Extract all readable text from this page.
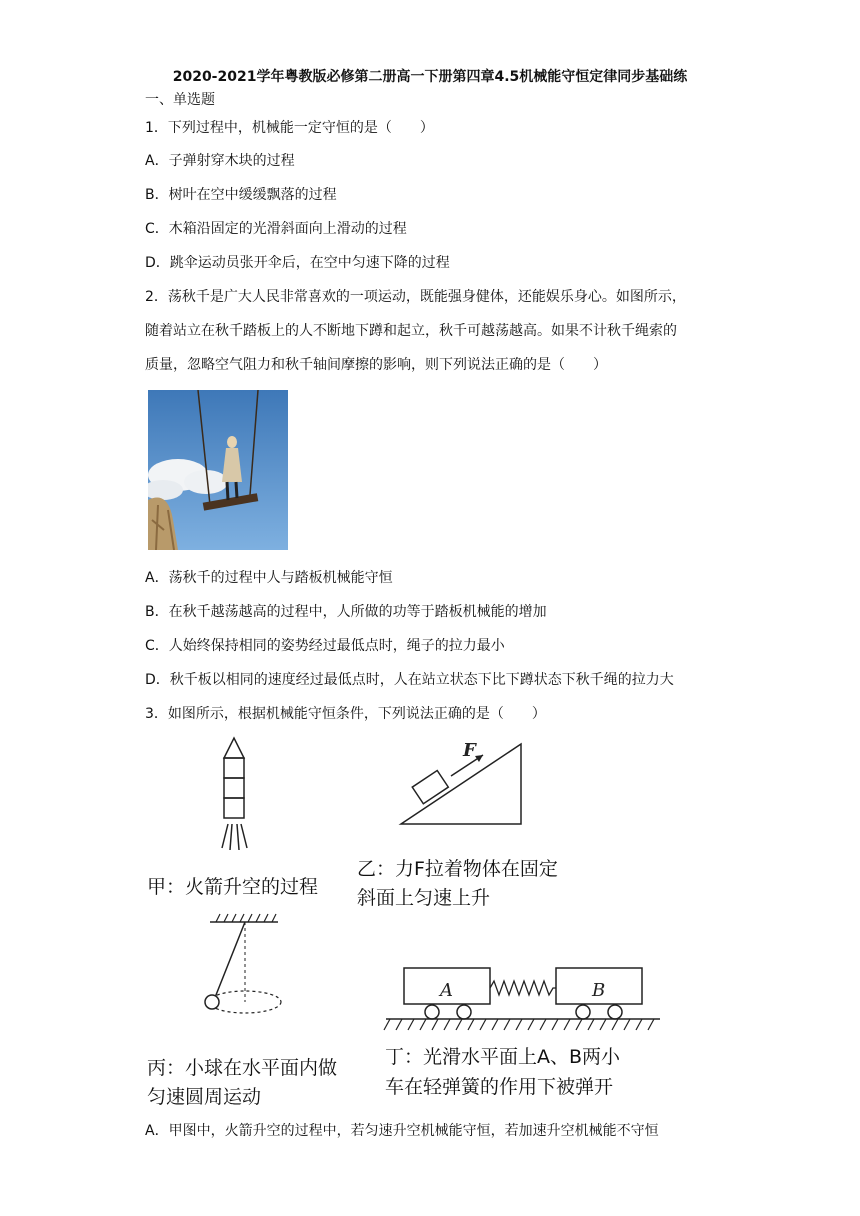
2020-2021学年粤教版必修第二册高一下册第四章4.5机械能守恒定律同步基础练
一、单选题
1．下列过程中，机械能一定守恒的是（　　）
A．子弹射穿木块的过程
B．树叶在空中缓缓飘落的过程
C．木箱沿固定的光滑斜面向上滑动的过程
D．跳伞运动员张开伞后，在空中匀速下降的过程
2．荡秋千是广大人民非常喜欢的一项运动，既能强身健体，还能娱乐身心。如图所示，
随着站立在秋千踏板上的人不断地下蹲和起立，秋千可越荡越高。如果不计秋千绳索的
质量，忽略空气阻力和秋千轴间摩擦的影响，则下列说法正确的是（　　）
A．荡秋千的过程中人与踏板机械能守恒
B．在秋千越荡越高的过程中，人所做的功等于踏板机械能的增加
C．人始终保持相同的姿势经过最低点时，绳子的拉力最小
D．秋千板以相同的速度经过最低点时，人在站立状态下比下蹲状态下秋千绳的拉力大
3．如图所示，根据机械能守恒条件，下列说法正确的是（　　）
甲：火箭升空的过程
F
乙：力F拉着物体在固定
斜面上匀速上升
丙：小球在水平面内做
匀速圆周运动
A	B
丁：光滑水平面上A、B两小
车在轻弹簧的作用下被弹开
A．甲图中，火箭升空的过程中，若匀速升空机械能守恒，若加速升空机械能不守恒
